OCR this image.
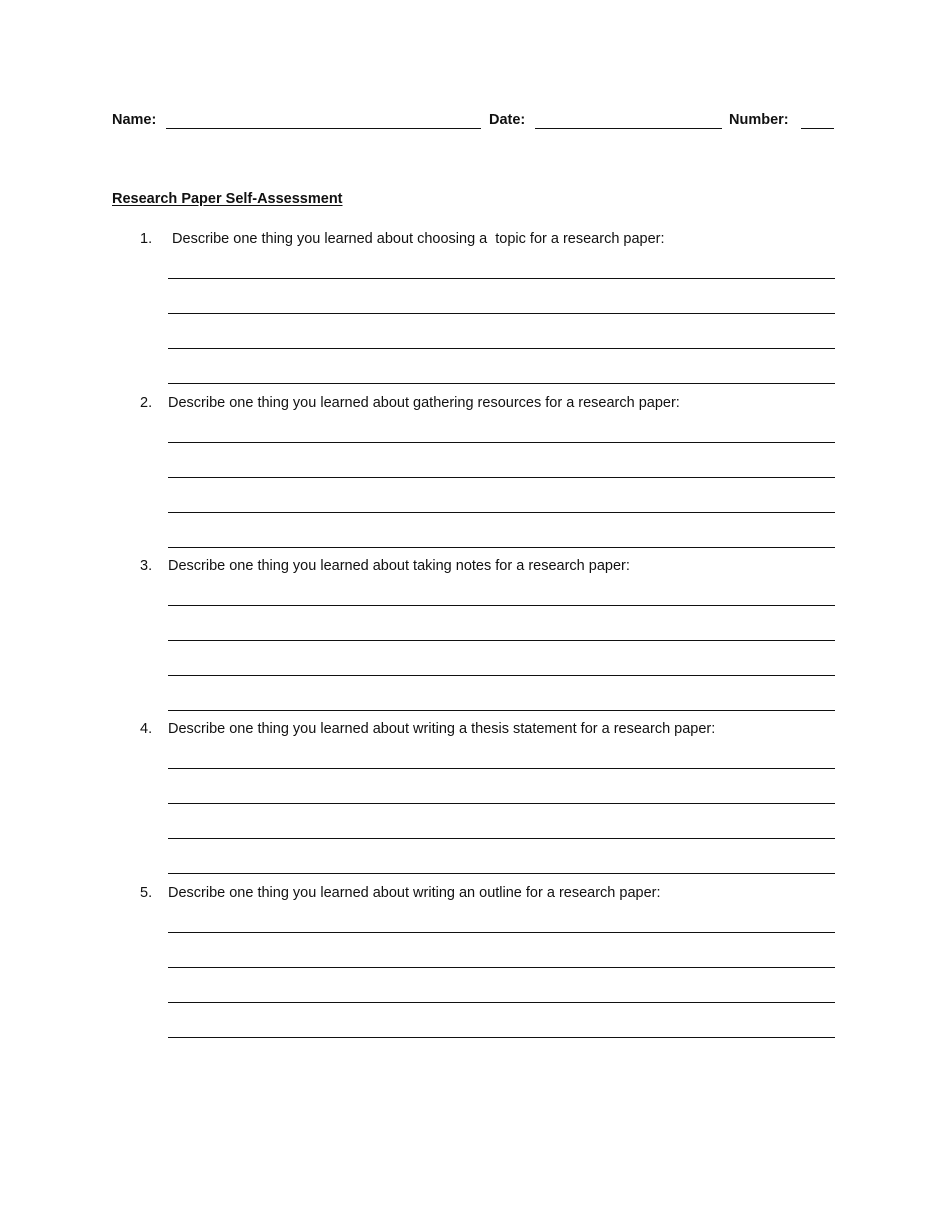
Name:	Date:	Number:
Research Paper Self-Assessment
1. Describe one thing you learned about choosing a  topic for a research paper:
2. Describe one thing you learned about gathering resources for a research paper:
3. Describe one thing you learned about taking notes for a research paper:
4. Describe one thing you learned about writing a thesis statement for a research paper:
5. Describe one thing you learned about writing an outline for a research paper:
